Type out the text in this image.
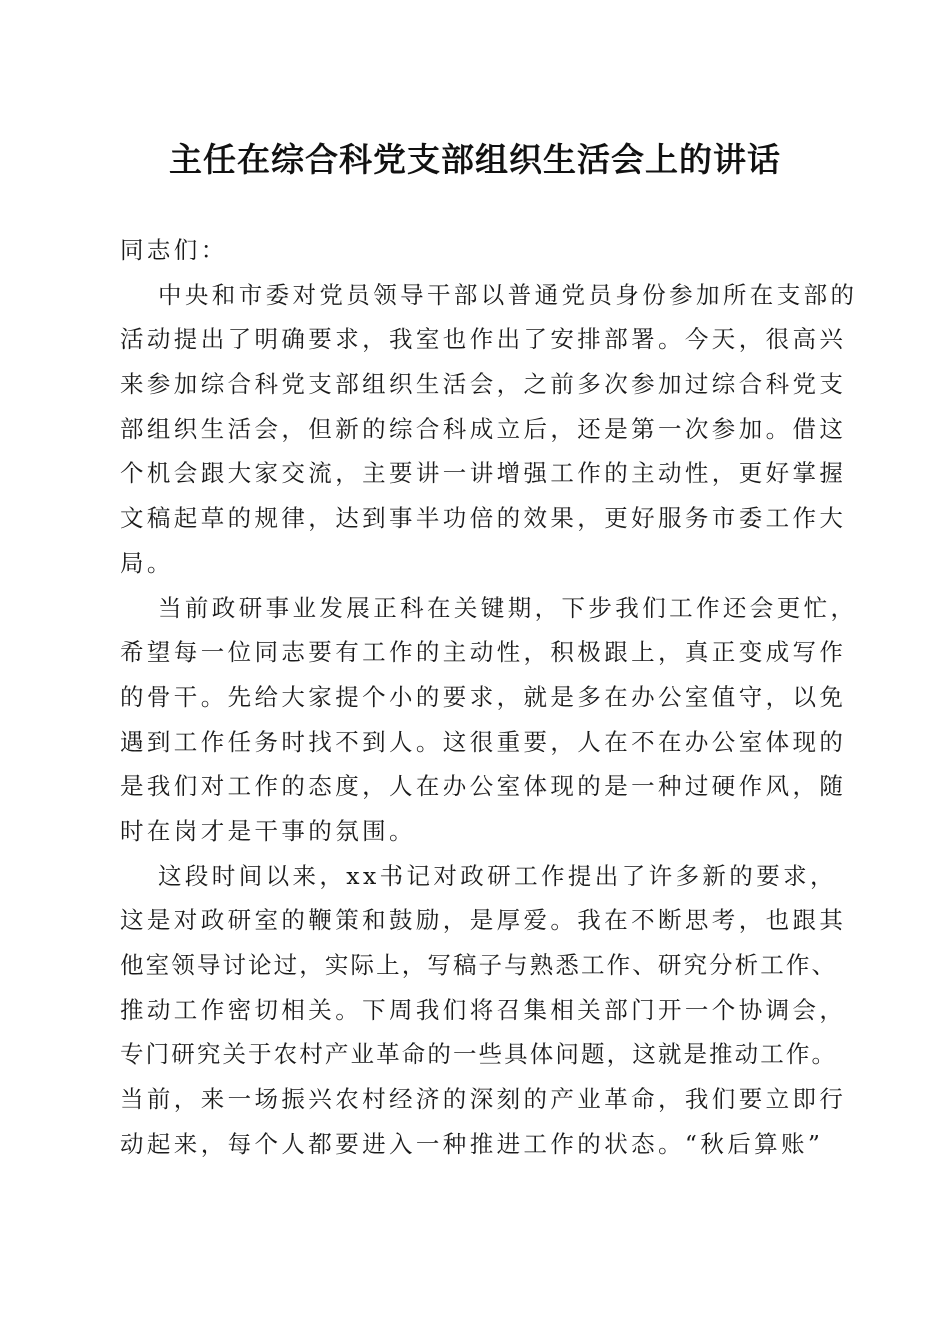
主任在综合科党支部组织生活会上的讲话
同志们：
中央和市委对党员领导干部以普通党员身份参加所在支部的
活动提出了明确要求，我室也作出了安排部署。今天，很高兴
来参加综合科党支部组织生活会，之前多次参加过综合科党支
部组织生活会，但新的综合科成立后，还是第一次参加。借这
个机会跟大家交流，主要讲一讲增强工作的主动性，更好掌握
文稿起草的规律，达到事半功倍的效果，更好服务市委工作大
局。
当前政研事业发展正科在关键期，下步我们工作还会更忙，
希望每一位同志要有工作的主动性，积极跟上，真正变成写作
的骨干。先给大家提个小的要求，就是多在办公室值守，以免
遇到工作任务时找不到人。这很重要，人在不在办公室体现的
是我们对工作的态度，人在办公室体现的是一种过硬作风，随
时在岗才是干事的氛围。
这段时间以来，xx书记对政研工作提出了许多新的要求，
这是对政研室的鞭策和鼓励，是厚爱。我在不断思考，也跟其
他室领导讨论过，实际上，写稿子与熟悉工作、研究分析工作、
推动工作密切相关。下周我们将召集相关部门开一个协调会，
专门研究关于农村产业革命的一些具体问题，这就是推动工作。
当前，来一场振兴农村经济的深刻的产业革命，我们要立即行
动起来，每个人都要进入一种推进工作的状态。“秋后算账”
